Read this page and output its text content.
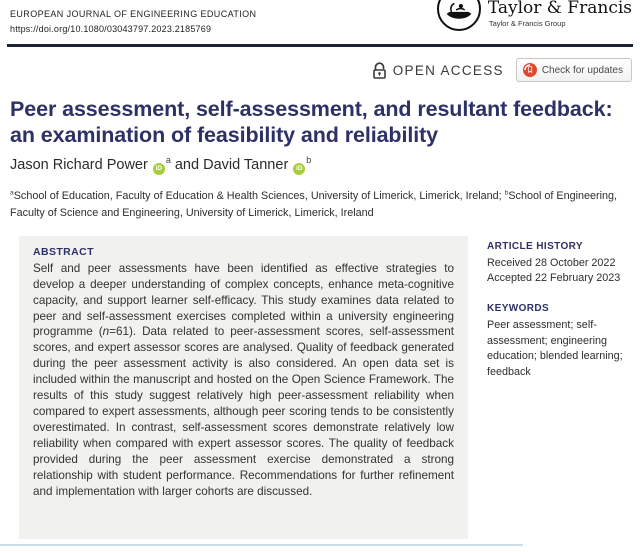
EUROPEAN JOURNAL OF ENGINEERING EDUCATION
https://doi.org/10.1080/03043797.2023.2185769
Taylor & Francis
Taylor & Francis Group
OPEN ACCESS	Check for updates
Peer assessment, self-assessment, and resultant feedback: an examination of feasibility and reliability
Jason Richard Power $iD^a$ and David Tanner $iD^b$
$^a$School of Education, Faculty of Education & Health Sciences, University of Limerick, Limerick, Ireland; $^b$School of Engineering, Faculty of Science and Engineering, University of Limerick, Limerick, Ireland
ABSTRACT
Self and peer assessments have been identified as effective strategies to develop a deeper understanding of complex concepts, enhance meta-cognitive capacity, and support learner self-efficacy. This study examines data related to peer and self-assessment exercises completed within a university engineering programme (n=61). Data related to peer-assessment scores, self-assessment scores, and expert assessor scores are analysed. Quality of feedback generated during the peer assessment activity is also considered. An open data set is included within the manuscript and hosted on the Open Science Framework. The results of this study suggest relatively high peer-assessment reliability when compared to expert assessments, although peer scoring tends to be consistently overestimated. In contrast, self-assessment scores demonstrate relatively low reliability when compared with expert assessor scores. The quality of feedback provided during the peer assessment exercise demonstrated a strong relationship with student performance. Recommendations for further refinement and implementation with larger cohorts are discussed.
ARTICLE HISTORY
Received 28 October 2022
Accepted 22 February 2023
KEYWORDS
Peer assessment; self-assessment; engineering education; blended learning; feedback
